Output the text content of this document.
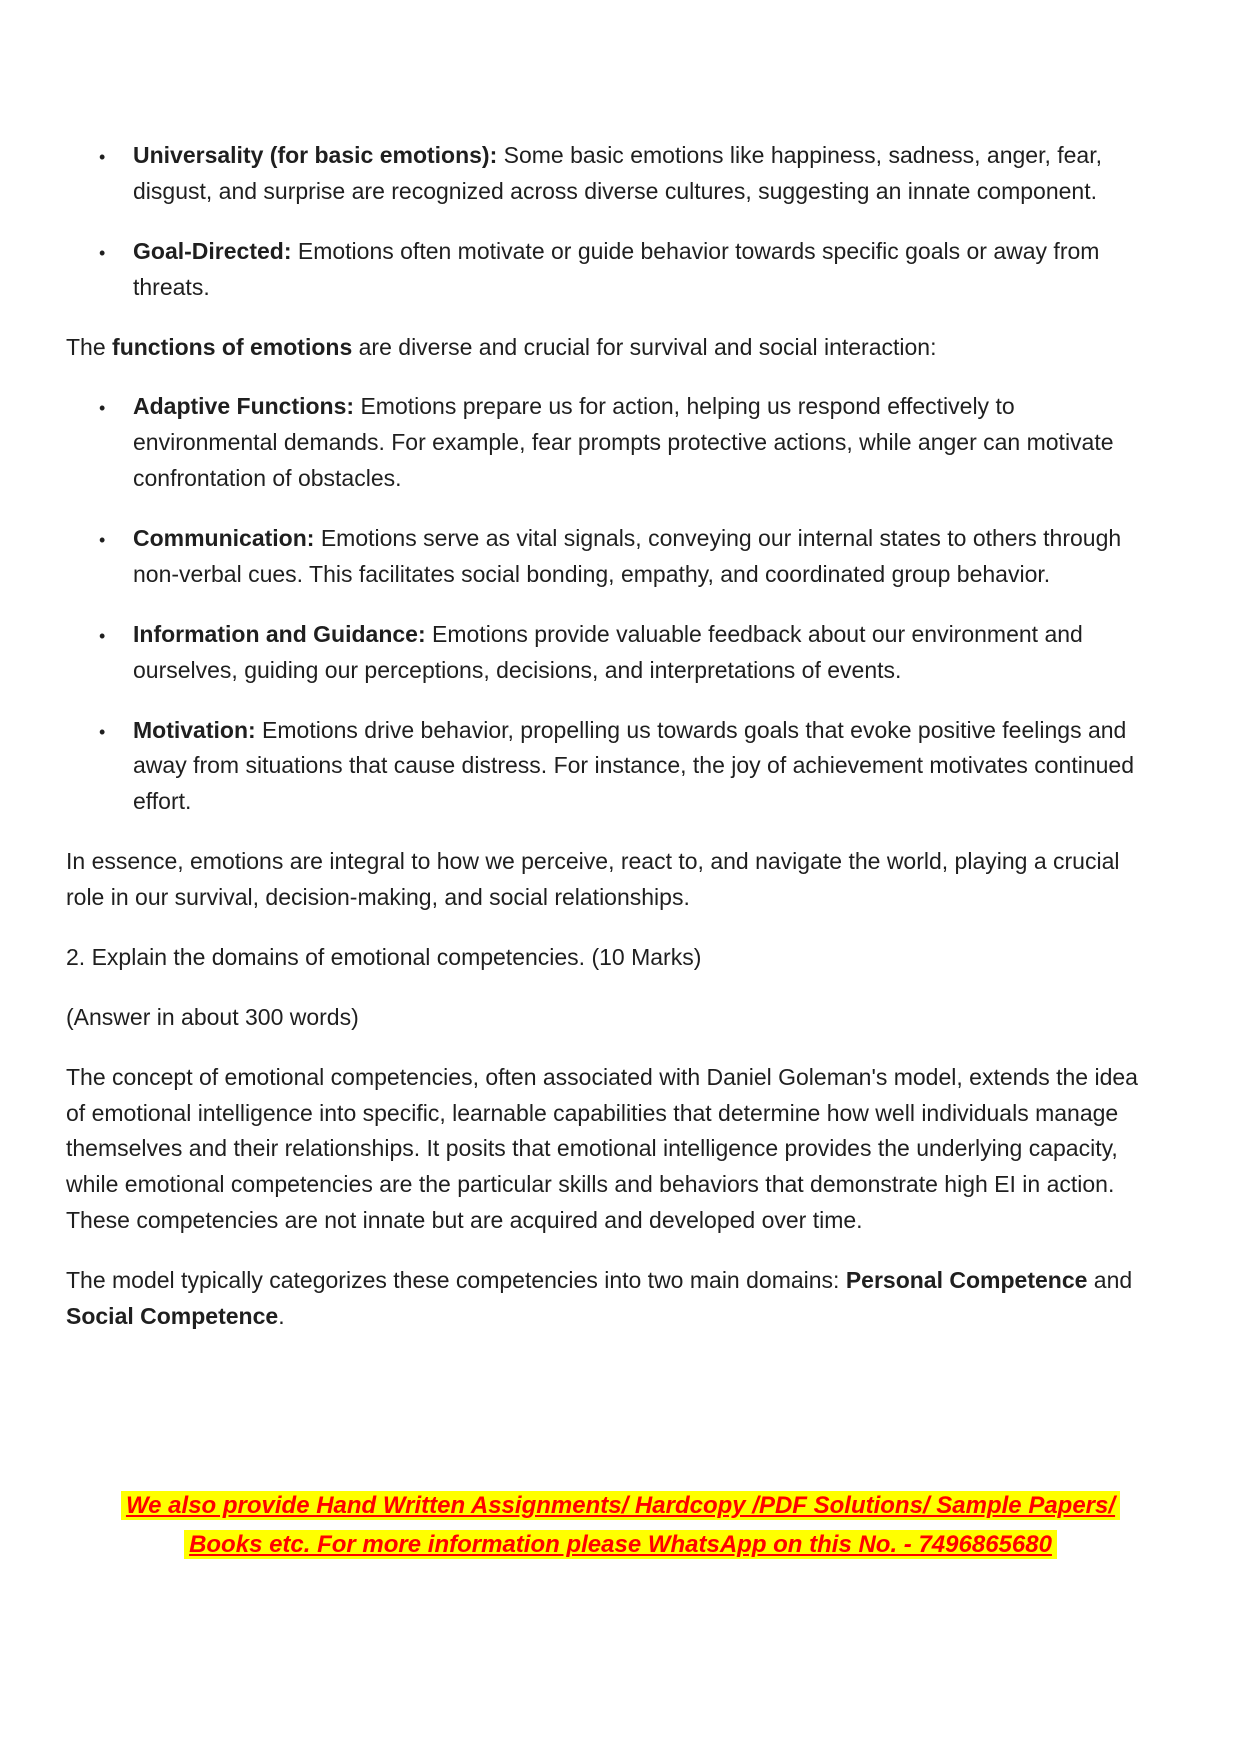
• Universality (for basic emotions): Some basic emotions like happiness, sadness, anger, fear, disgust, and surprise are recognized across diverse cultures, suggesting an innate component.
• Goal-Directed: Emotions often motivate or guide behavior towards specific goals or away from threats.

The functions of emotions are diverse and crucial for survival and social interaction:

• Adaptive Functions: Emotions prepare us for action, helping us respond effectively to environmental demands. For example, fear prompts protective actions, while anger can motivate confrontation of obstacles.
• Communication: Emotions serve as vital signals, conveying our internal states to others through non-verbal cues. This facilitates social bonding, empathy, and coordinated group behavior.
• Information and Guidance: Emotions provide valuable feedback about our environment and ourselves, guiding our perceptions, decisions, and interpretations of events.
• Motivation: Emotions drive behavior, propelling us towards goals that evoke positive feelings and away from situations that cause distress. For instance, the joy of achievement motivates continued effort.

In essence, emotions are integral to how we perceive, react to, and navigate the world, playing a crucial role in our survival, decision-making, and social relationships.

2. Explain the domains of emotional competencies. (10 Marks)

(Answer in about 300 words)

The concept of emotional competencies, often associated with Daniel Goleman's model, extends the idea of emotional intelligence into specific, learnable capabilities that determine how well individuals manage themselves and their relationships. It posits that emotional intelligence provides the underlying capacity, while emotional competencies are the particular skills and behaviors that demonstrate high EI in action. These competencies are not innate but are acquired and developed over time.

The model typically categorizes these competencies into two main domains: Personal Competence and Social Competence.

We also provide Hand Written Assignments/ Hardcopy /PDF Solutions/ Sample Papers/
Books etc. For more information please WhatsApp on this No. - 7496865680
